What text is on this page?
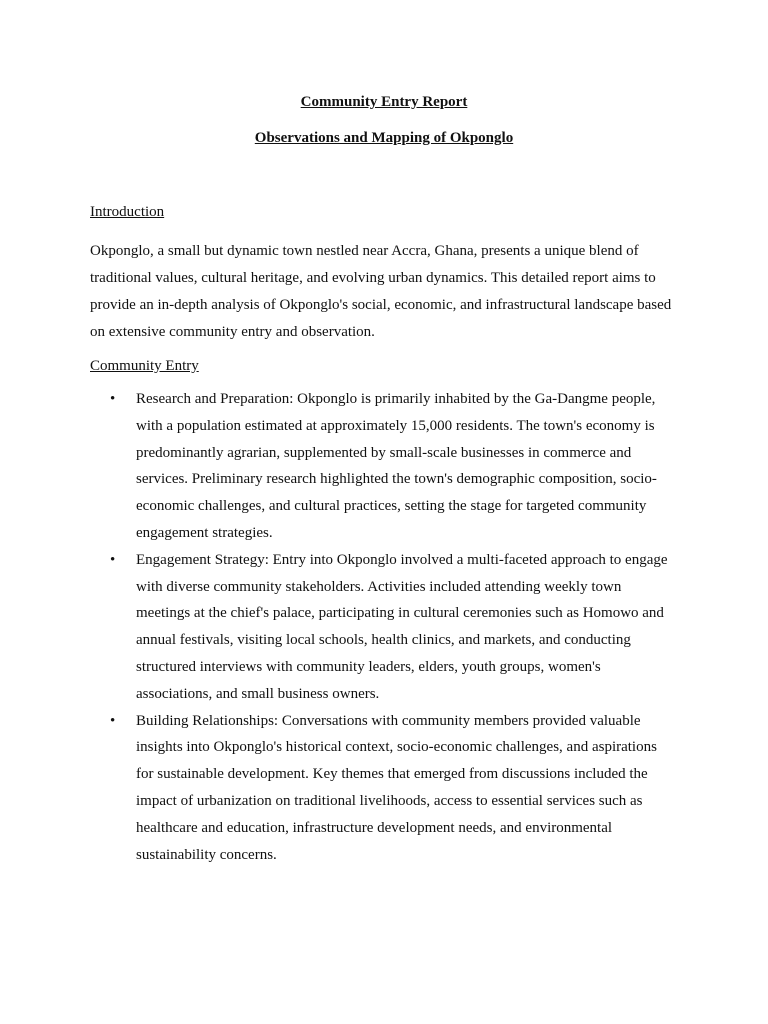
Community Entry Report

Observations and Mapping of Okponglo

Introduction

Okponglo, a small but dynamic town nestled near Accra, Ghana, presents a unique blend of traditional values, cultural heritage, and evolving urban dynamics. This detailed report aims to provide an in-depth analysis of Okponglo's social, economic, and infrastructural landscape based on extensive community entry and observation.

Community Entry

• Research and Preparation: Okponglo is primarily inhabited by the Ga-Dangme people, with a population estimated at approximately 15,000 residents. The town's economy is predominantly agrarian, supplemented by small-scale businesses in commerce and services. Preliminary research highlighted the town's demographic composition, socio-economic challenges, and cultural practices, setting the stage for targeted community engagement strategies.
• Engagement Strategy: Entry into Okponglo involved a multi-faceted approach to engage with diverse community stakeholders. Activities included attending weekly town meetings at the chief's palace, participating in cultural ceremonies such as Homowo and annual festivals, visiting local schools, health clinics, and markets, and conducting structured interviews with community leaders, elders, youth groups, women's associations, and small business owners.
• Building Relationships: Conversations with community members provided valuable insights into Okponglo's historical context, socio-economic challenges, and aspirations for sustainable development. Key themes that emerged from discussions included the impact of urbanization on traditional livelihoods, access to essential services such as healthcare and education, infrastructure development needs, and environmental sustainability concerns.
